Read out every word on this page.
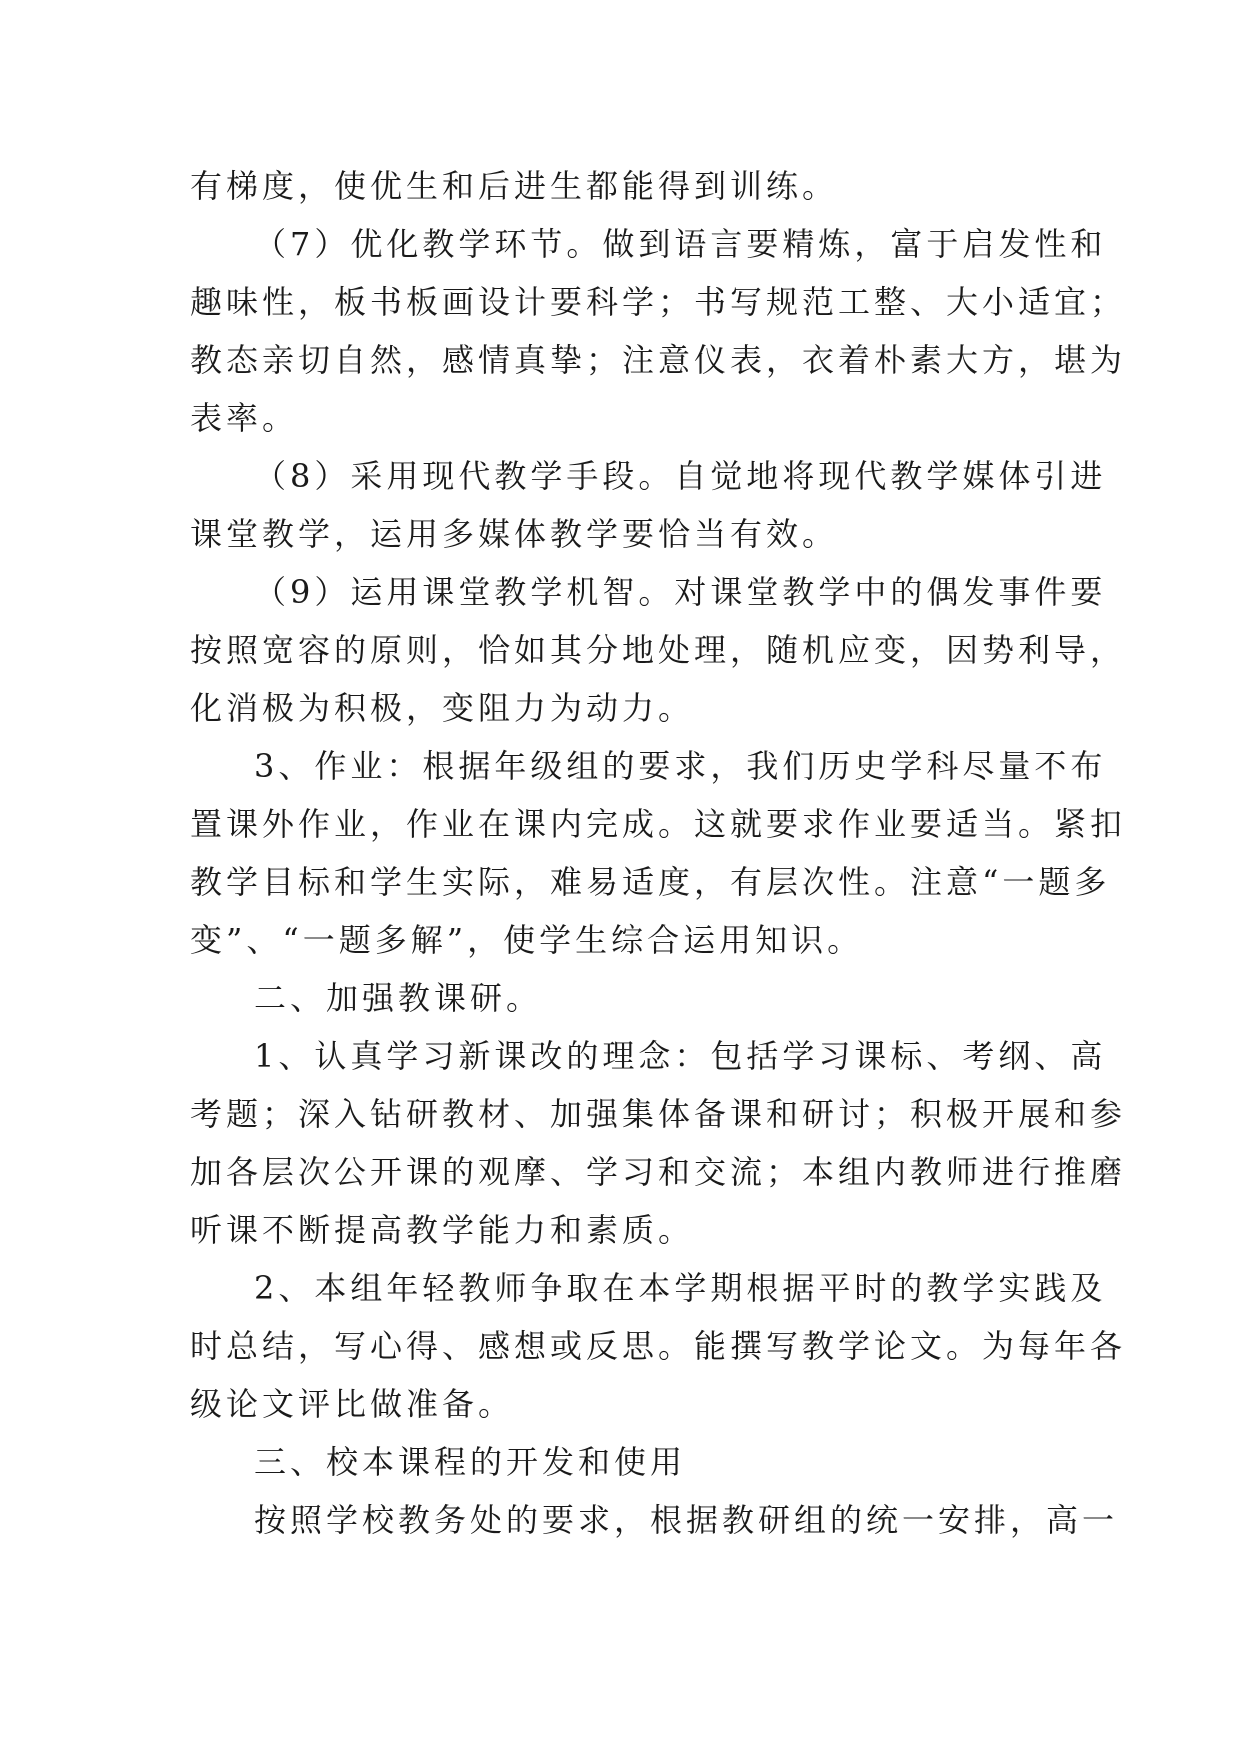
有梯度，使优生和后进生都能得到训练。
（7）优化教学环节。做到语言要精炼，富于启发性和
趣味性，板书板画设计要科学；书写规范工整、大小适宜；
教态亲切自然，感情真挚；注意仪表，衣着朴素大方，堪为
表率。
（8）采用现代教学手段。自觉地将现代教学媒体引进
课堂教学，运用多媒体教学要恰当有效。
（9）运用课堂教学机智。对课堂教学中的偶发事件要
按照宽容的原则，恰如其分地处理，随机应变，因势利导，
化消极为积极，变阻力为动力。
3、作业：根据年级组的要求，我们历史学科尽量不布
置课外作业，作业在课内完成。这就要求作业要适当。紧扣
教学目标和学生实际，难易适度，有层次性。注意“一题多
变”、“一题多解”，使学生综合运用知识。
二、加强教课研。
1、认真学习新课改的理念：包括学习课标、考纲、高
考题；深入钻研教材、加强集体备课和研讨；积极开展和参
加各层次公开课的观摩、学习和交流；本组内教师进行推磨
听课不断提高教学能力和素质。
2、本组年轻教师争取在本学期根据平时的教学实践及
时总结，写心得、感想或反思。能撰写教学论文。为每年各
级论文评比做准备。
三、校本课程的开发和使用
按照学校教务处的要求，根据教研组的统一安排，高一
